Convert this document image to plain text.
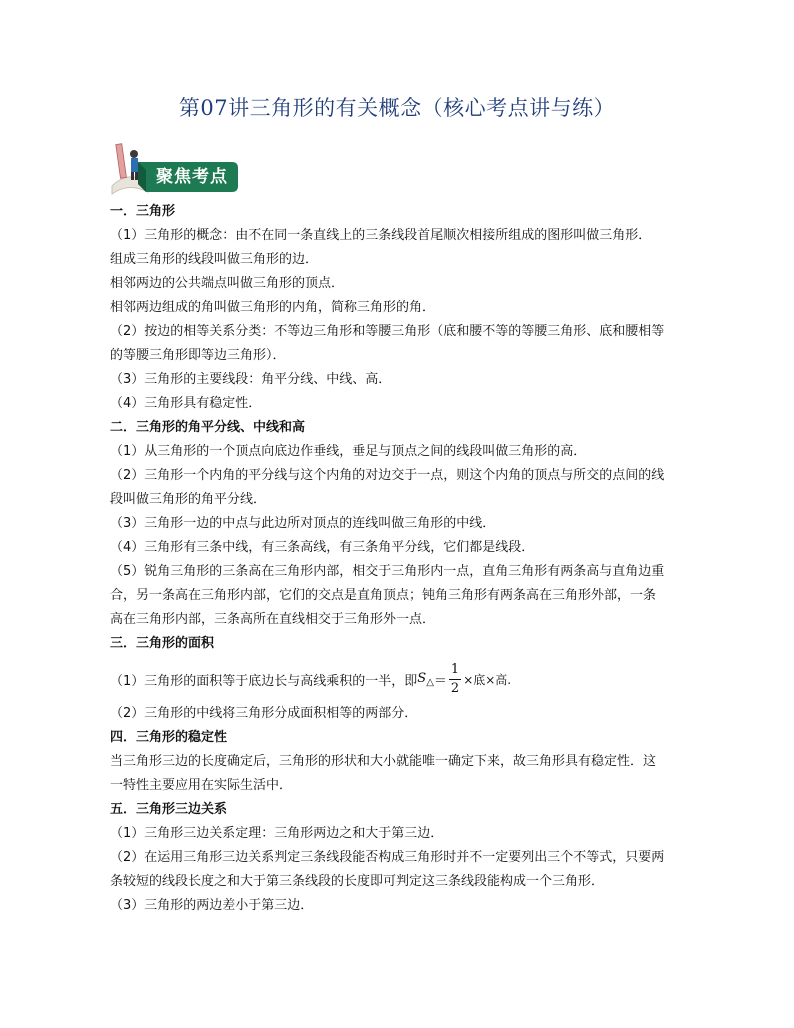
第07讲三角形的有关概念（核心考点讲与练）
聚焦考点
一．三角形
（1）三角形的概念：由不在同一条直线上的三条线段首尾顺次相接所组成的图形叫做三角形．
组成三角形的线段叫做三角形的边．
相邻两边的公共端点叫做三角形的顶点．
相邻两边组成的角叫做三角形的内角，简称三角形的角．
（2）按边的相等关系分类：不等边三角形和等腰三角形（底和腰不等的等腰三角形、底和腰相等
的等腰三角形即等边三角形）．
（3）三角形的主要线段：角平分线、中线、高．
（4）三角形具有稳定性．
二．三角形的角平分线、中线和高
（1）从三角形的一个顶点向底边作垂线，垂足与顶点之间的线段叫做三角形的高．
（2）三角形一个内角的平分线与这个内角的对边交于一点，则这个内角的顶点与所交的点间的线
段叫做三角形的角平分线．
（3）三角形一边的中点与此边所对顶点的连线叫做三角形的中线．
（4）三角形有三条中线，有三条高线，有三条角平分线，它们都是线段．
（5）锐角三角形的三条高在三角形内部，相交于三角形内一点，直角三角形有两条高与直角边重
合，另一条高在三角形内部，它们的交点是直角顶点；钝角三角形有两条高在三角形外部，一条
高在三角形内部，三条高所在直线相交于三角形外一点．
三．三角形的面积
（1）三角形的面积等于底边长与高线乘积的一半，即 $S_\triangle = \frac{1}{2}$ ×底×高.
（2）三角形的中线将三角形分成面积相等的两部分．
四．三角形的稳定性
当三角形三边的长度确定后，三角形的形状和大小就能唯一确定下来，故三角形具有稳定性．这
一特性主要应用在实际生活中．
五．三角形三边关系
（1）三角形三边关系定理：三角形两边之和大于第三边．
（2）在运用三角形三边关系判定三条线段能否构成三角形时并不一定要列出三个不等式，只要两
条较短的线段长度之和大于第三条线段的长度即可判定这三条线段能构成一个三角形．
（3）三角形的两边差小于第三边．
